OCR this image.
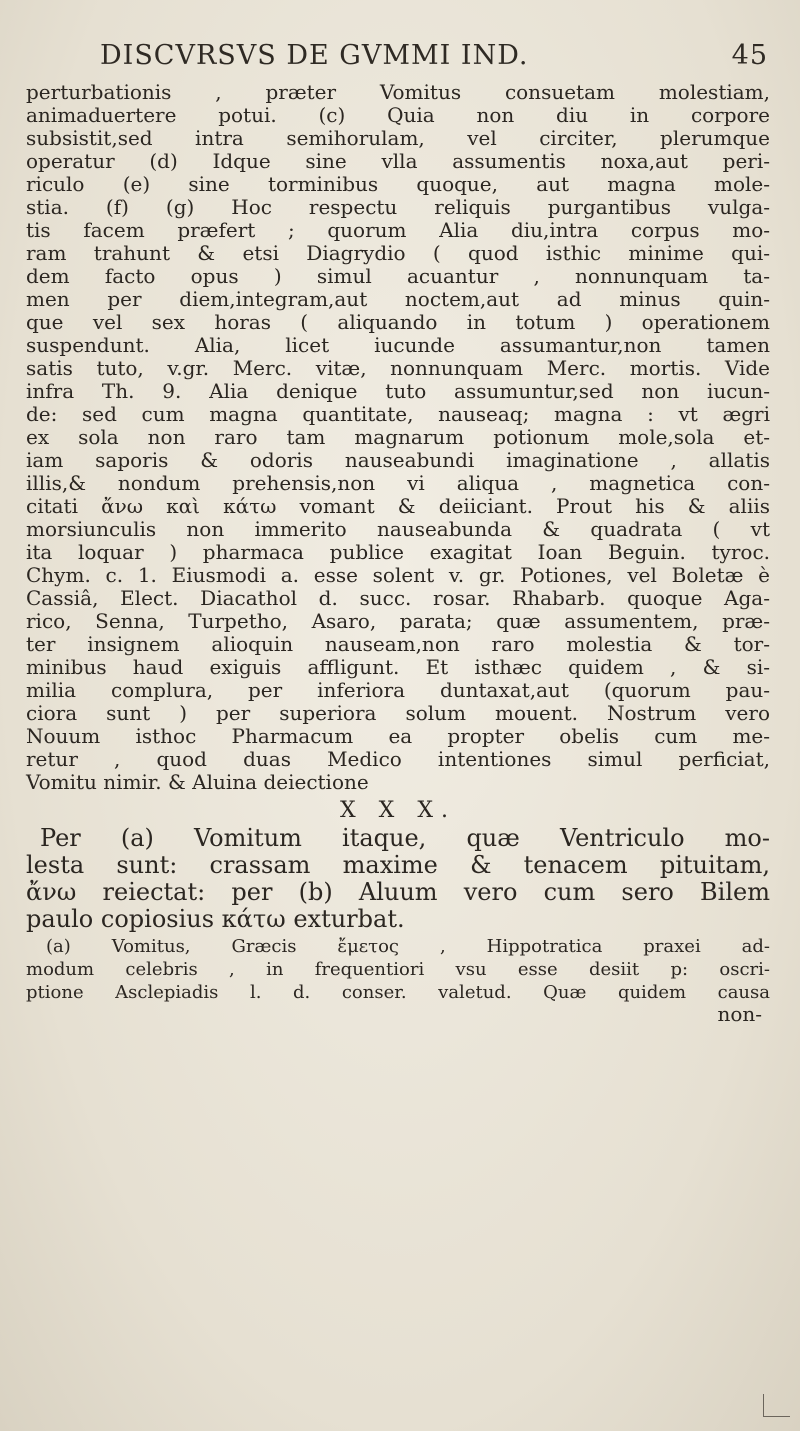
DISCVRSVS DE GVMMI IND.	45
perturbationis , præter Vomitus consuetam molestiam,
animaduertere potui. (c) Quia non diu in corpore
subsistit,sed intra semihorulam, vel circiter, plerumque
operatur (d) Idque sine vlla assumentis noxa,aut peri-
riculo (e) sine torminibus quoque, aut magna mole-
stia. (f) (g) Hoc respectu reliquis purgantibus vulga-
tis facem præfert ; quorum Alia diu,intra corpus mo-
ram trahunt & etsi Diagrydio ( quod isthic minime qui-
dem facto opus ) simul acuantur , nonnunquam ta-
men per diem,integram,aut noctem,aut ad minus quin-
que vel sex horas ( aliquando in totum ) operationem
suspendunt. Alia, licet iucunde assumantur,non tamen
satis tuto, v.gr. Merc. vitæ, nonnunquam Merc. mortis. Vide
infra Th. 9. Alia denique tuto assumuntur,sed non iucun-
de: sed cum magna quantitate, nauseaq; magna : vt ægri
ex sola non raro tam magnarum potionum mole,sola et-
iam saporis & odoris nauseabundi imaginatione , allatis
illis,& nondum prehensis,non vi aliqua , magnetica con-
citati ἄνω καὶ κάτω vomant & deiiciant. Prout his & aliis
morsiunculis non immerito nauseabunda & quadrata ( vt
ita loquar ) pharmaca publice exagitat Ioan Beguin. tyroc.
Chym. c. 1. Eiusmodi a. esse solent v. gr. Potiones, vel Boletæ è
Cassiâ, Elect. Diacathol d. succ. rosar. Rhabarb. quoque Aga-
rico, Senna, Turpetho, Asaro, parata; quæ assumentem, præ-
ter insignem alioquin nauseam,non raro molestia & tor-
minibus haud exiguis affligunt. Et isthæc quidem , & si-
milia complura, per inferiora duntaxat,aut (quorum pau-
ciora sunt ) per superiora solum mouent. Nostrum vero
Nouum isthoc Pharmacum ea propter obelis cum me-
retur , quod duas Medico intentiones simul perficiat,
Vomitu nimir. & Aluina deiectione
X X X.
Per (a) Vomitum itaque, quæ Ventriculo mo-
lesta sunt: crassam maxime & tenacem pituitam,
ἄνω reiectat: per (b) Aluum vero cum sero Bilem
paulo copiosius κάτω exturbat.
(a) Vomitus, Græcis ἔμετος , Hippotratica praxei ad-
modum celebris , in frequentiori vsu esse desiit p: oscri-
ptione Asclepiadis l. d. conser. valetud. Quæ quidem causa
non-
